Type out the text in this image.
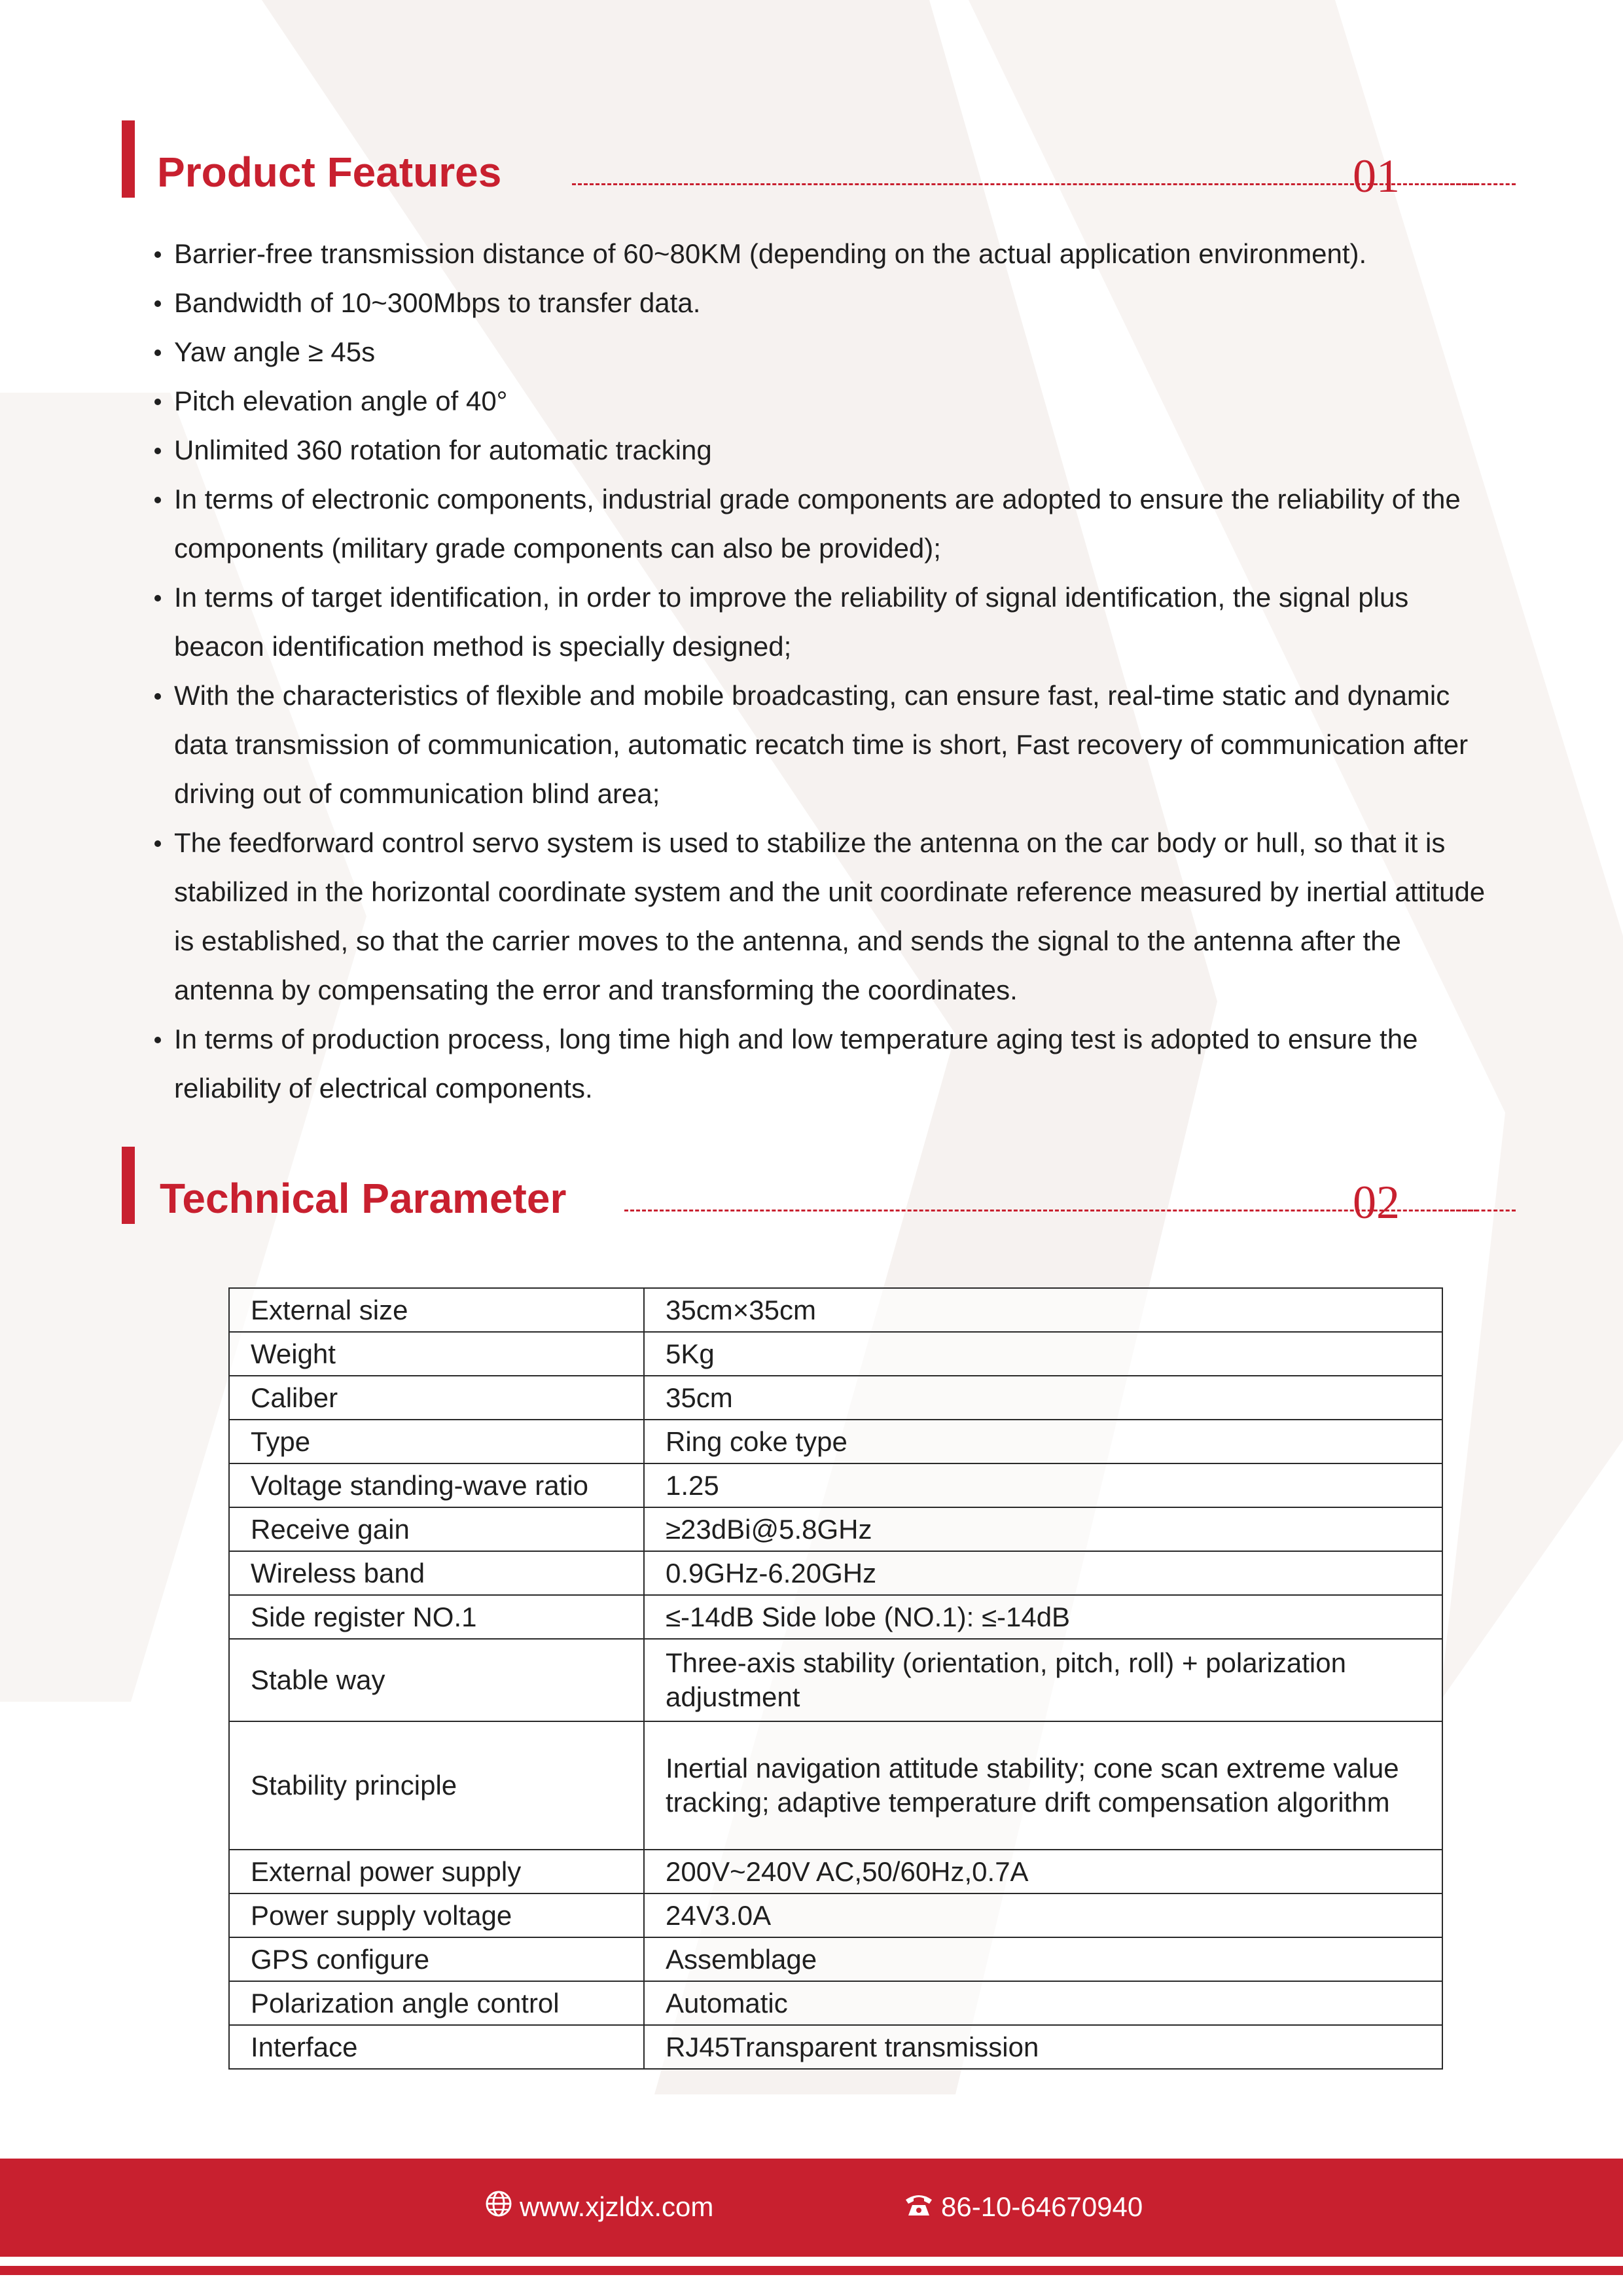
Product Features	01
Barrier-free transmission distance of 60~80KM (depending on the actual application environment).
Bandwidth of 10~300Mbps to transfer data.
Yaw angle ≥ 45s
Pitch elevation angle of 40°
Unlimited 360 rotation for automatic tracking
In terms of electronic components, industrial grade components are adopted to ensure the reliability of the components (military grade components can also be provided);
In terms of target identification, in order to improve the reliability of signal identification, the signal plus beacon identification method is specially designed;
With the characteristics of flexible and mobile broadcasting, can ensure fast, real-time static and dynamic data transmission of communication, automatic recatch time is short, Fast recovery of communication after driving out of communication blind area;
The feedforward control servo system is used to stabilize the antenna on the car body or hull, so that it is stabilized in the horizontal coordinate system and the unit coordinate reference measured by inertial attitude is established, so that the carrier moves to the antenna, and sends the signal to the antenna after the antenna by compensating the error and transforming the coordinates.
In terms of production process, long time high and low temperature aging test is adopted to ensure the reliability of electrical components.
Technical Parameter	02
External size	35cm×35cm
Weight	5Kg
Caliber	35cm
Type	Ring coke type
Voltage standing-wave ratio	1.25
Receive gain	≥23dBi@5.8GHz
Wireless band	0.9GHz-6.20GHz
Side register NO.1	≤-14dB Side lobe (NO.1): ≤-14dB
Stable way	Three-axis stability (orientation, pitch, roll) + polarization adjustment
Stability principle	Inertial navigation attitude stability; cone scan extreme value tracking; adaptive temperature drift compensation algorithm
External power supply	200V~240V AC,50/60Hz,0.7A
Power supply voltage	24V3.0A
GPS configure	Assemblage
Polarization angle control	Automatic
Interface	RJ45Transparent transmission
www.xjzldx.com	86-10-64670940
